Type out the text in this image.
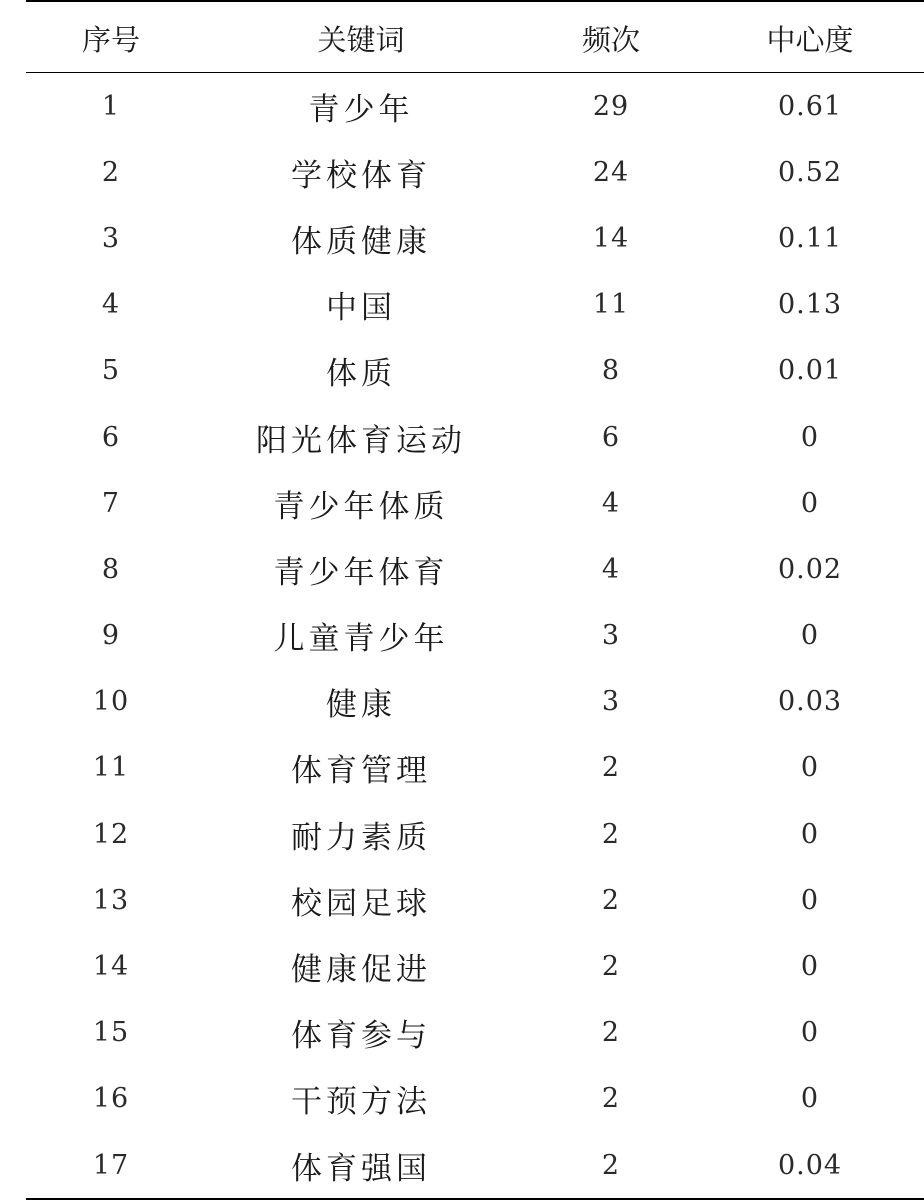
序号	关键词	频次	中心度
1	青少年	29	0.61
2	学校体育	24	0.52
3	体质健康	14	0.11
4	中国	11	0.13
5	体质	8	0.01
6	阳光体育运动	6	0
7	青少年体质	4	0
8	青少年体育	4	0.02
9	儿童青少年	3	0
10	健康	3	0.03
11	体育管理	2	0
12	耐力素质	2	0
13	校园足球	2	0
14	健康促进	2	0
15	体育参与	2	0
16	干预方法	2	0
17	体育强国	2	0.04
